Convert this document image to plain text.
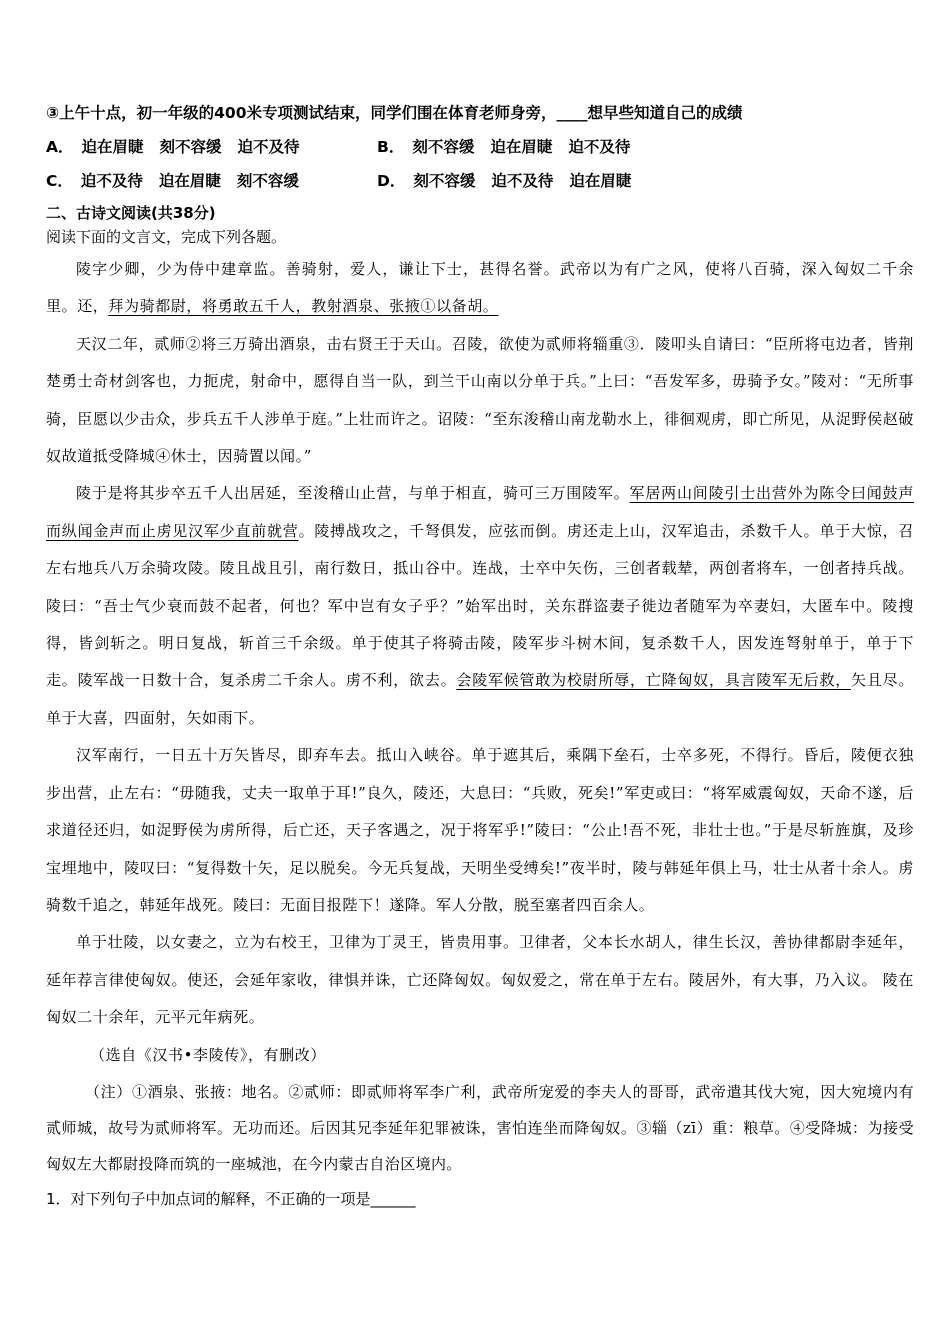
③上午十点，初一年级的400米专项测试结束，同学们围在体育老师身旁，____想早些知道自己的成绩
A． 迫在眉睫 刻不容缓 迫不及待	B． 刻不容缓 迫在眉睫 迫不及待
C． 迫不及待 迫在眉睫 刻不容缓	D． 刻不容缓 迫不及待 迫在眉睫
二、古诗文阅读(共38分)
阅读下面的文言文，完成下列各题。

陵字少卿，少为侍中建章监。善骑射，爱人，谦让下士，甚得名誉。武帝以为有广之风，使将八百骑，深入匈奴二千余里。还，拜为骑都尉，将勇敢五千人，教射酒泉、张掖①以备胡。

天汉二年，贰师②将三万骑出酒泉，击右贤王于天山。召陵，欲使为贰师将辎重③．陵叩头自请曰：“臣所将屯边者，皆荆楚勇士奇材剑客也，力扼虎，射命中，愿得自当一队，到兰干山南以分单于兵。”上曰：“吾发军多，毋骑予女。”陵对：“无所事骑，臣愿以少击众，步兵五千人涉单于庭。”上壮而许之。诏陵：“至东浚稽山南龙勒水上，徘徊观虏，即亡所见，从浞野侯赵破奴故道抵受降城④休士，因骑置以闻。”

陵于是将其步卒五千人出居延，至浚稽山止营，与单于相直，骑可三万围陵军。军居两山间陵引士出营外为陈令曰闻鼓声而纵闻金声而止虏见汉军少直前就营。陵搏战攻之，千弩俱发，应弦而倒。虏还走上山，汉军追击，杀数千人。单于大惊，召左右地兵八万余骑攻陵。陵且战且引，南行数日，抵山谷中。连战，士卒中矢伤，三创者载辇，两创者将车，一创者持兵战。陵曰：“吾士气少衰而鼓不起者，何也？军中岂有女子乎？”始军出时，关东群盗妻子徙边者随军为卒妻妇，大匿车中。陵搜得，皆剑斩之。明日复战，斩首三千余级。单于使其子将骑击陵，陵军步斗树木间，复杀数千人，因发连弩射单于，单于下走。陵军战一日数十合，复杀虏二千余人。虏不利，欲去。会陵军候管敢为校尉所辱，亡降匈奴，具言陵军无后救，矢且尽。单于大喜，四面射，矢如雨下。

汉军南行，一日五十万矢皆尽，即弃车去。抵山入峡谷。单于遮其后，乘隅下垒石，士卒多死，不得行。昏后，陵便衣独步出营，止左右：“毋随我，丈夫一取单于耳!”良久，陵还，大息曰：“兵败，死矣!”军吏或曰：“将军威震匈奴，天命不遂，后求道径还归，如浞野侯为虏所得，后亡还，天子客遇之，况于将军乎!”陵曰：“公止!吾不死，非壮士也。”于是尽斩旌旗，及珍宝埋地中，陵叹曰：“复得数十矢，足以脱矣。今无兵复战，天明坐受缚矣!”夜半时，陵与韩延年俱上马，壮士从者十余人。虏骑数千追之，韩延年战死。陵曰：无面目报陛下！遂降。军人分散，脱至塞者四百余人。

单于壮陵，以女妻之，立为右校王，卫律为丁灵王，皆贵用事。卫律者，父本长水胡人，律生长汉，善协律都尉李延年，延年荐言律使匈奴。使还，会延年家收，律惧并诛，亡还降匈奴。匈奴爱之，常在单于左右。陵居外，有大事，乃入议。 陵在匈奴二十余年，元平元年病死。

（选自《汉书•李陵传》，有删改）

（注）①酒泉、张掖：地名。②贰师：即贰师将军李广利，武帝所宠爱的李夫人的哥哥，武帝遣其伐大宛，因大宛境内有贰师城，故号为贰师将军。无功而还。后因其兄李延年犯罪被诛，害怕连坐而降匈奴。③辎（zī）重：粮草。④受降城：为接受匈奴左大都尉投降而筑的一座城池，在今内蒙古自治区境内。

1．对下列句子中加点词的解释，不正确的一项是______
